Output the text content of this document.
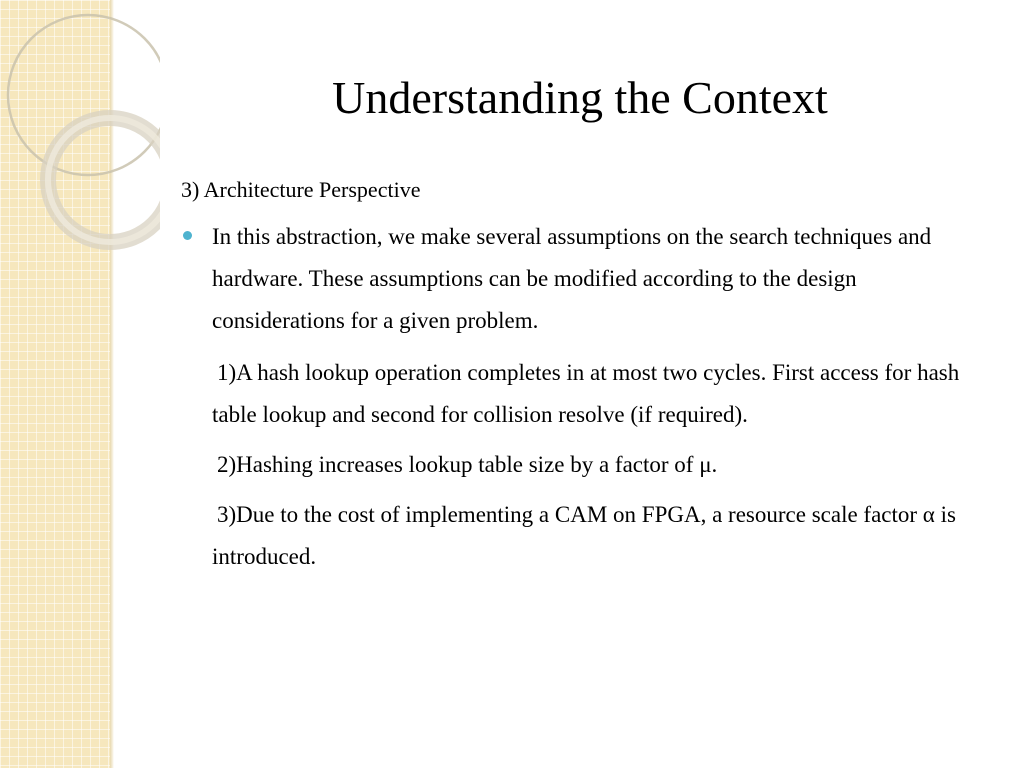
Understanding the Context

3) Architecture Perspective

In this abstraction, we make several assumptions on the search techniques and hardware. These assumptions can be modified according to the design considerations for a given problem.

1)A hash lookup operation completes in at most two cycles. First access for hash table lookup and second for collision resolve (if required).

2)Hashing increases lookup table size by a factor of μ.

3)Due to the cost of implementing a CAM on FPGA, a resource scale factor α is introduced.
